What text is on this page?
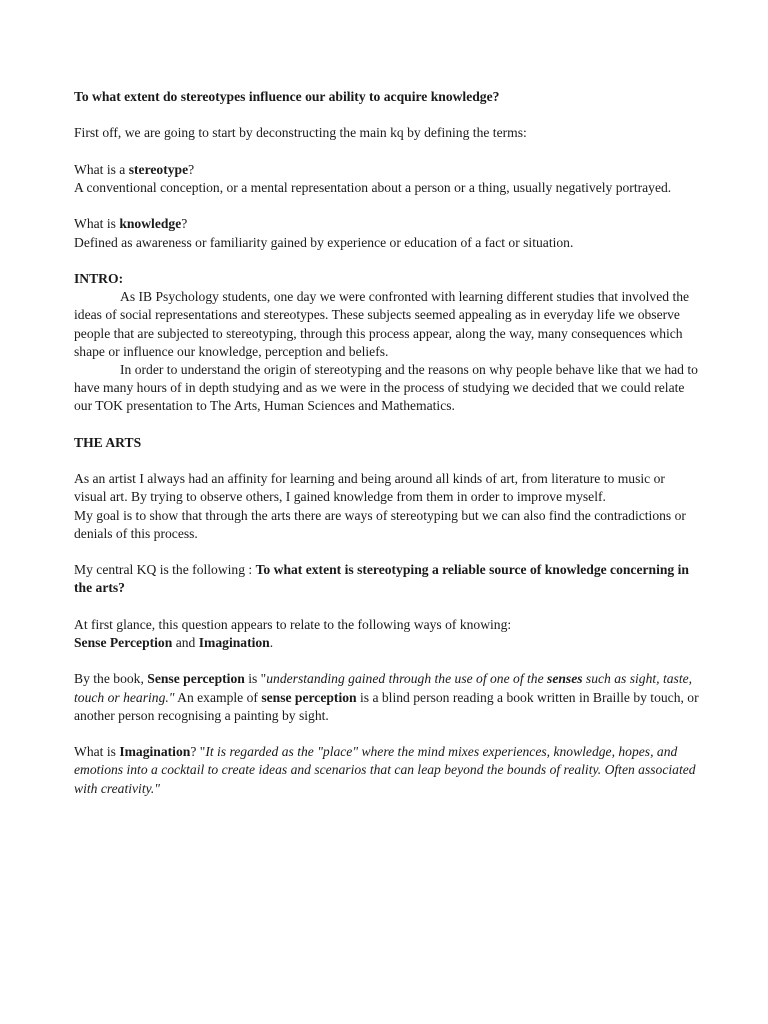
To what extent do stereotypes influence our ability to acquire knowledge?

First off, we are going to start by deconstructing the main kq by defining the terms:

What is a stereotype?
A conventional conception, or a mental representation about a person or a thing, usually negatively portrayed.

What is knowledge?
Defined as awareness or familiarity gained by experience or education of a fact or situation.

INTRO:

As IB Psychology students, one day we were confronted with learning different studies that involved the ideas of social representations and stereotypes. These subjects seemed appealing as in everyday life we observe people that are subjected to stereotyping, through this process appear, along the way, many consequences which shape or influence our knowledge, perception and beliefs.

In order to understand the origin of stereotyping and the reasons on why people behave like that we had to have many hours of in depth studying and as we were in the process of studying we decided that we could relate our TOK presentation to The Arts, Human Sciences and Mathematics.

THE ARTS

As an artist I always had an affinity for learning and being around all kinds of art, from literature to music or visual art. By trying to observe others, I gained knowledge from them in order to improve myself.

My goal is to show that through the arts there are ways of stereotyping but we can also find the contradictions or denials of this process.

My central KQ is the following : To what extent is stereotyping a reliable source of knowledge concerning in the arts?

At first glance, this question appears to relate to the following ways of knowing:
Sense Perception and Imagination.

By the book, Sense perception is "understanding gained through the use of one of the senses such as sight, taste, touch or hearing." An example of sense perception is a blind person reading a book written in Braille by touch, or another person recognising a painting by sight.

What is Imagination? "It is regarded as the "place" where the mind mixes experiences, knowledge, hopes, and emotions into a cocktail to create ideas and scenarios that can leap beyond the bounds of reality. Often associated with creativity."
